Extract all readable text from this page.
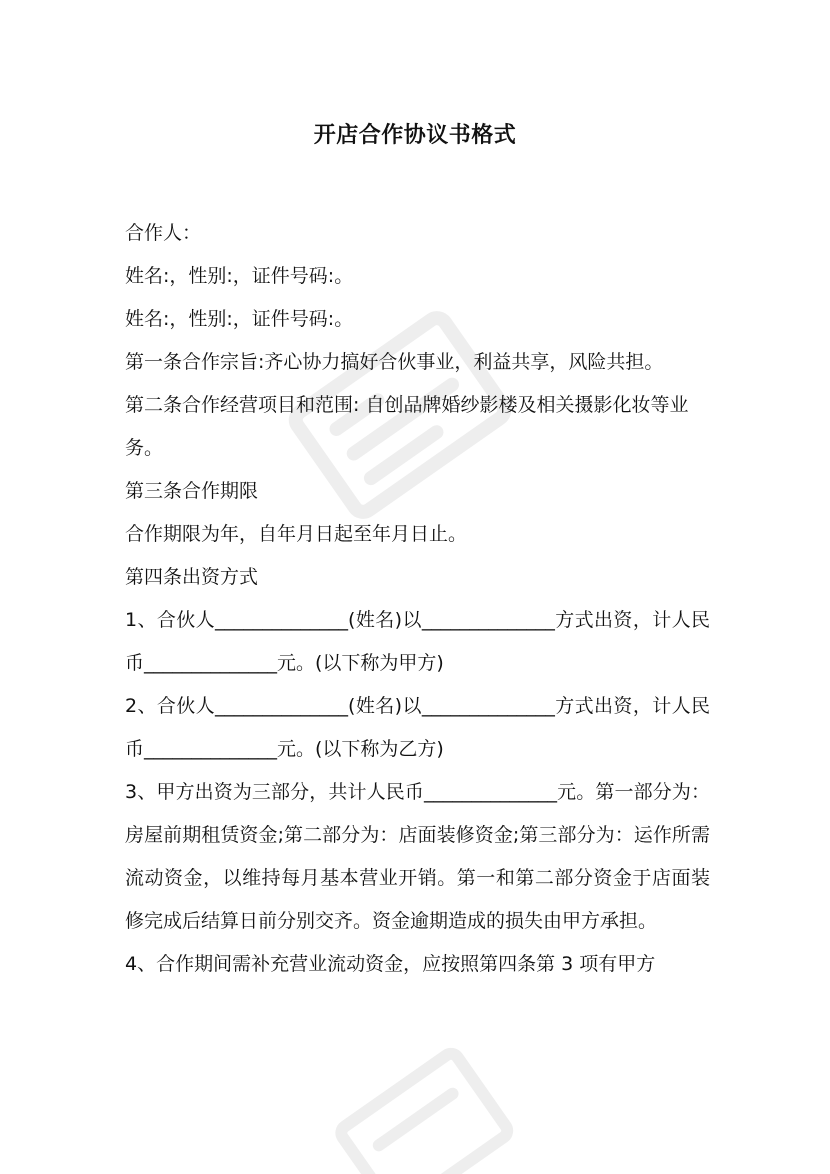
开店合作协议书格式

合作人：

姓名:，性别:，证件号码:。

姓名:，性别:，证件号码:。

第一条合作宗旨:齐心协力搞好合伙事业，利益共享，风险共担。

第二条合作经营项目和范围: 自创品牌婚纱影楼及相关摄影化妆等业务。

第三条合作期限

合作期限为年，自年月日起至年月日止。

第四条出资方式

1、合伙人______________(姓名)以______________方式出资，计人民币______________元。(以下称为甲方)

2、合伙人______________(姓名)以______________方式出资，计人民币______________元。(以下称为乙方)

3、甲方出资为三部分，共计人民币______________元。第一部分为：房屋前期租赁资金;第二部分为：店面装修资金;第三部分为：运作所需流动资金，以维持每月基本营业开销。第一和第二部分资金于店面装修完成后结算日前分别交齐。资金逾期造成的损失由甲方承担。

4、合作期间需补充营业流动资金，应按照第四条第 3 项有甲方
